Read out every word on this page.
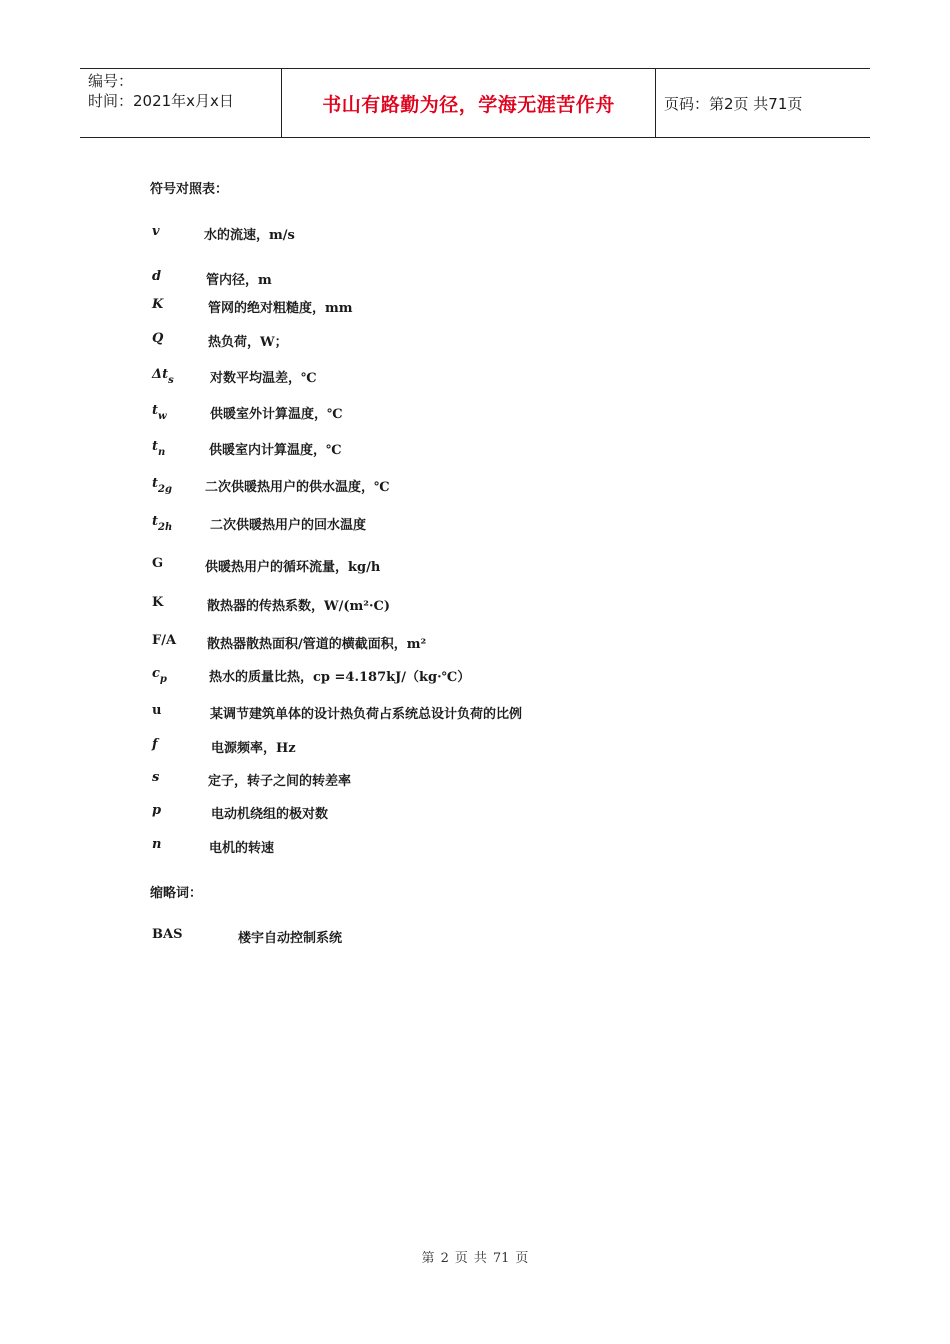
编号：
时间：2021年x月x日	书山有路勤为径，学海无涯苦作舟	页码：第2页 共71页
符号对照表：
v	水的流速，m/s
d	管内径，m
K	管网的绝对粗糙度，mm
Q	热负荷，W；
$\Delta t_s$	对数平均温差，℃
$t_w$	供暖室外计算温度，℃
$t_n$	供暖室内计算温度，℃
$t_{2g}$	二次供暖热用户的供水温度，℃
$t_{2h}$	二次供暖热用户的回水温度
G	供暖热用户的循环流量，kg/h
K	散热器的传热系数，W/(m²·C)
F/A 散热器散热面积/管道的横截面积，m²
$c_p$	热水的质量比热，cp =4.187kJ/（kg·℃）
u	某调节建筑单体的设计热负荷占系统总设计负荷的比例
f	电源频率，Hz
s	定子，转子之间的转差率
p	电动机绕组的极对数
n	电机的转速
缩略词：
BAS	楼宇自动控制系统
第 2 页 共 71 页
